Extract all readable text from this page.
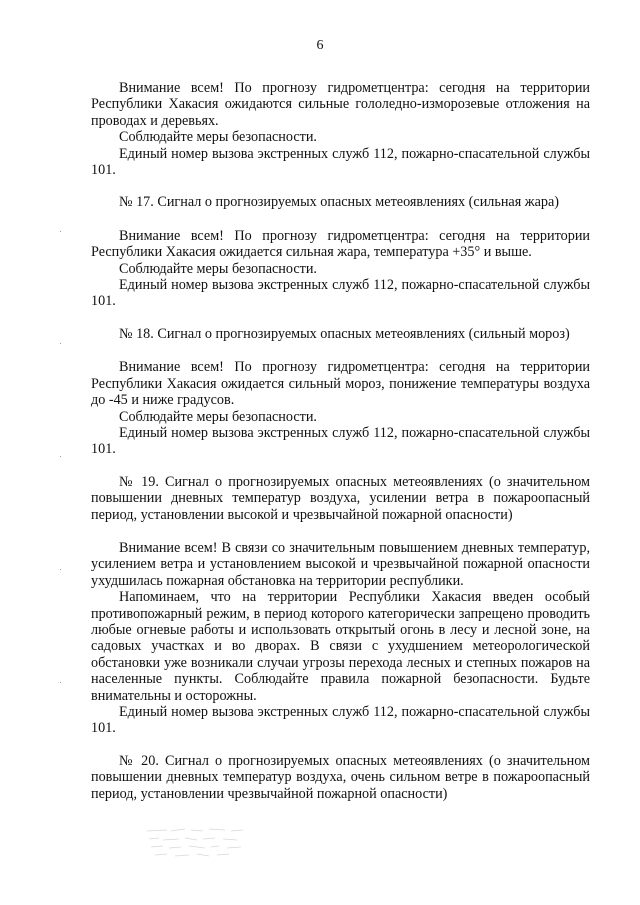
6

Внимание всем! По прогнозу гидрометцентра: сегодня на территории Республики Хакасия ожидаются сильные гололедно-изморозевые отложения на проводах и деревьях.

Соблюдайте меры безопасности.

Единый номер вызова экстренных служб 112, пожарно-спасательной службы 101.

№ 17. Сигнал о прогнозируемых опасных метеоявлениях (сильная жара)

Внимание всем! По прогнозу гидрометцентра: сегодня на территории Республики Хакасия ожидается сильная жара, температура +35° и выше.

Соблюдайте меры безопасности.

Единый номер вызова экстренных служб 112, пожарно-спасательной службы 101.

№ 18. Сигнал о прогнозируемых опасных метеоявлениях (сильный мороз)

Внимание всем! По прогнозу гидрометцентра: сегодня на территории Республики Хакасия ожидается сильный мороз, понижение температуры воздуха до -45 и ниже градусов.

Соблюдайте меры безопасности.

Единый номер вызова экстренных служб 112, пожарно-спасательной службы 101.

№ 19. Сигнал о прогнозируемых опасных метеоявлениях (о значительном повышении дневных температур воздуха, усилении ветра в пожароопасный период, установлении высокой и чрезвычайной пожарной опасности)

Внимание всем! В связи со значительным повышением дневных температур, усилением ветра и установлением высокой и чрезвычайной пожарной опасности ухудшилась пожарная обстановка на территории республики.

Напоминаем, что на территории Республики Хакасия введен особый противопожарный режим, в период которого категорически запрещено проводить любые огневые работы и использовать открытый огонь в лесу и лесной зоне, на садовых участках и во дворах. В связи с ухудшением метеорологической обстановки уже возникали случаи угрозы перехода лесных и степных пожаров на населенные пункты. Соблюдайте правила пожарной безопасности. Будьте внимательны и осторожны.

Единый номер вызова экстренных служб 112, пожарно-спасательной службы 101.

№ 20. Сигнал о прогнозируемых опасных метеоявлениях (о значительном повышении дневных температур воздуха, очень сильном ветре в пожароопасный период, установлении чрезвычайной пожарной опасности)
